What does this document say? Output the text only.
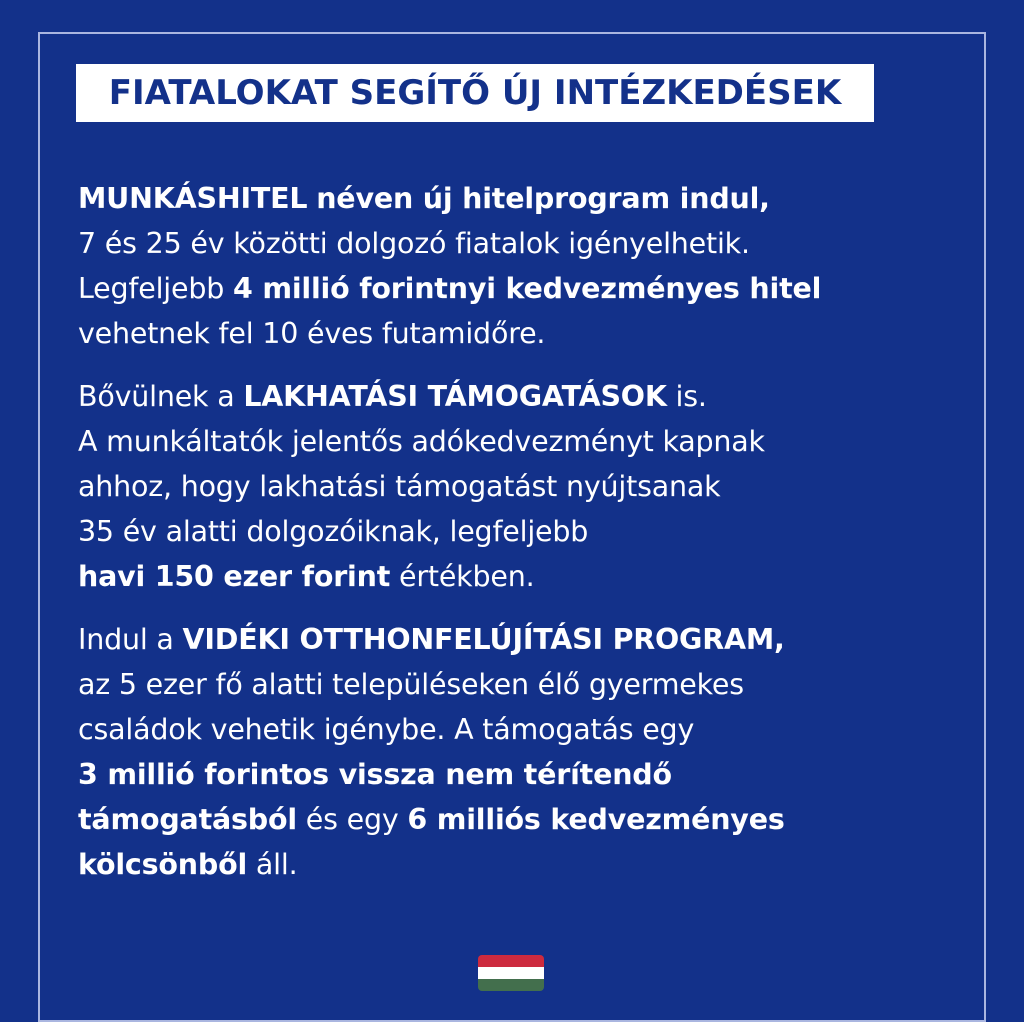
FIATALOKAT SEGÍTŐ ÚJ INTÉZKEDÉSEK
MUNKÁSHITEL néven új hitelprogram indul,
7 és 25 év közötti dolgozó fiatalok igényelhetik.
Legfeljebb 4 millió forintnyi kedvezményes hitel
vehetnek fel 10 éves futamidőre.
Bővülnek a LAKHATÁSI TÁMOGATÁSOK is.
A munkáltatók jelentős adókedvezményt kapnak
ahhoz, hogy lakhatási támogatást nyújtsanak
35 év alatti dolgozóiknak, legfeljebb
havi 150 ezer forint értékben.
Indul a VIDÉKI OTTHONFELÚJÍTÁSI PROGRAM,
az 5 ezer fő alatti településeken élő gyermekes
családok vehetik igénybe. A támogatás egy
3 millió forintos vissza nem térítendő
támogatásból és egy 6 milliós kedvezményes
kölcsönből áll.
